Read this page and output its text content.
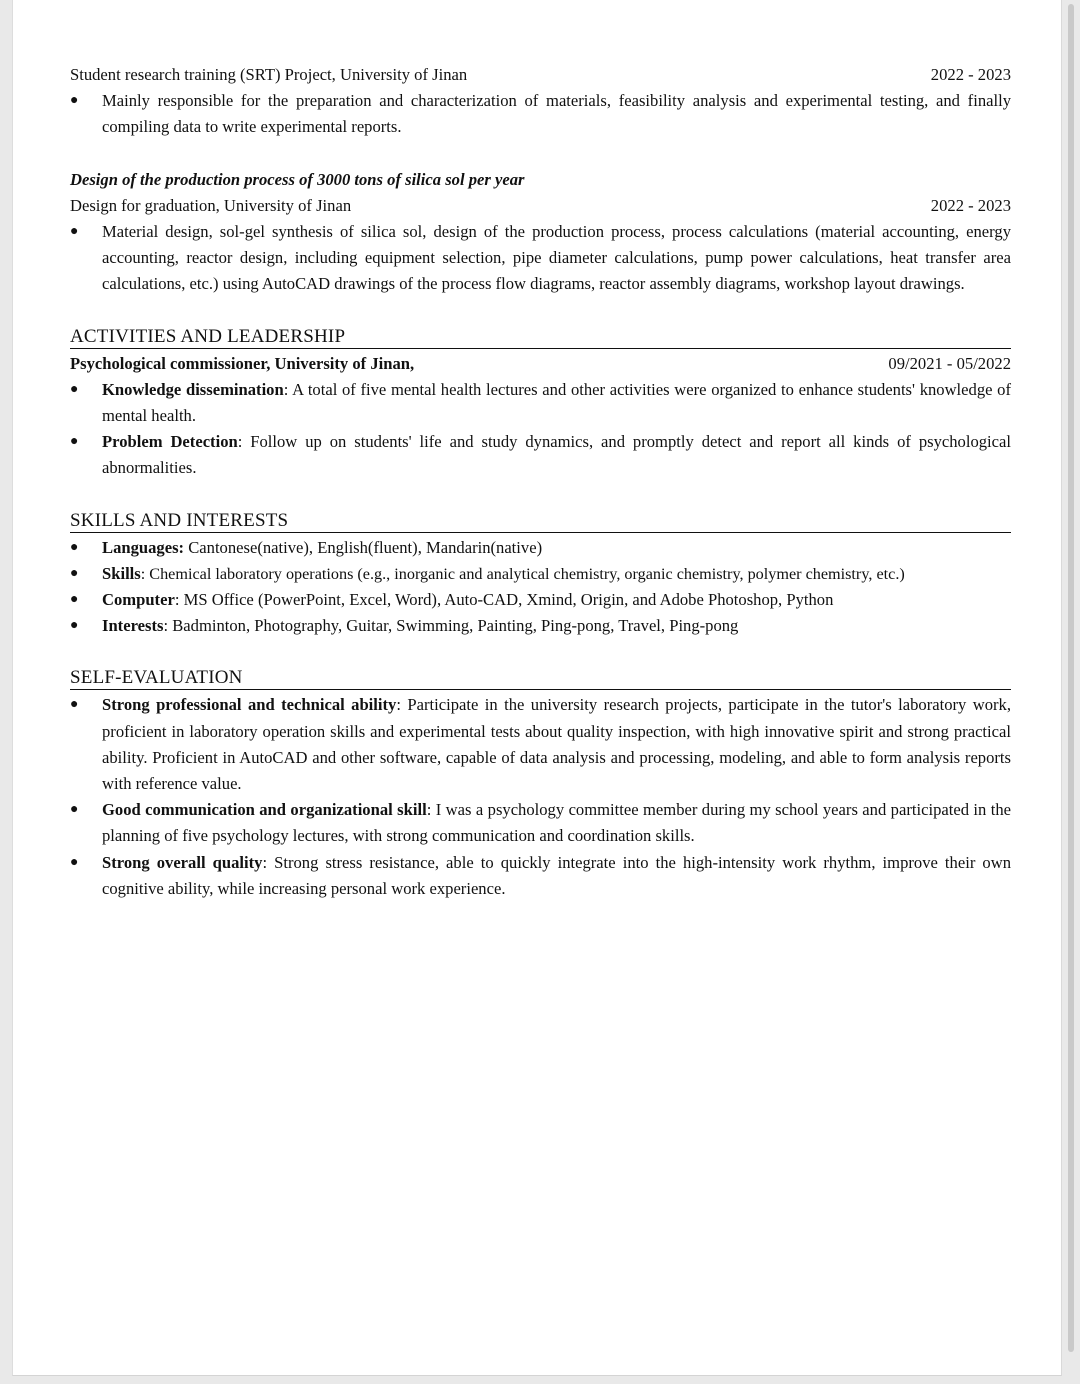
Student research training (SRT) Project, University of Jinan	2022 - 2023
● Mainly responsible for the preparation and characterization of materials, feasibility analysis and experimental testing, and finally compiling data to write experimental reports.
Design of the production process of 3000 tons of silica sol per year
Design for graduation, University of Jinan	2022 - 2023
● Material design, sol-gel synthesis of silica sol, design of the production process, process calculations (material accounting, energy accounting, reactor design, including equipment selection, pipe diameter calculations, pump power calculations, heat transfer area calculations, etc.) using AutoCAD drawings of the process flow diagrams, reactor assembly diagrams, workshop layout drawings.
ACTIVITIES AND LEADERSHIP
Psychological commissioner, University of Jinan,	09/2021 - 05/2022
● Knowledge dissemination: A total of five mental health lectures and other activities were organized to enhance students' knowledge of mental health.
● Problem Detection: Follow up on students' life and study dynamics, and promptly detect and report all kinds of psychological abnormalities.
SKILLS AND INTERESTS
● Languages: Cantonese(native), English(fluent), Mandarin(native)
● Skills: Chemical laboratory operations (e.g., inorganic and analytical chemistry, organic chemistry, polymer chemistry, etc.)
● Computer: MS Office (PowerPoint, Excel, Word), Auto-CAD, Xmind, Origin, and Adobe Photoshop, Python
● Interests: Badminton, Photography, Guitar, Swimming, Painting, Ping-pong, Travel, Ping-pong
SELF-EVALUATION
● Strong professional and technical ability: Participate in the university research projects, participate in the tutor's laboratory work, proficient in laboratory operation skills and experimental tests about quality inspection, with high innovative spirit and strong practical ability. Proficient in AutoCAD and other software, capable of data analysis and processing, modeling, and able to form analysis reports with reference value.
● Good communication and organizational skill: I was a psychology committee member during my school years and participated in the planning of five psychology lectures, with strong communication and coordination skills.
● Strong overall quality: Strong stress resistance, able to quickly integrate into the high-intensity work rhythm, improve their own cognitive ability, while increasing personal work experience.
